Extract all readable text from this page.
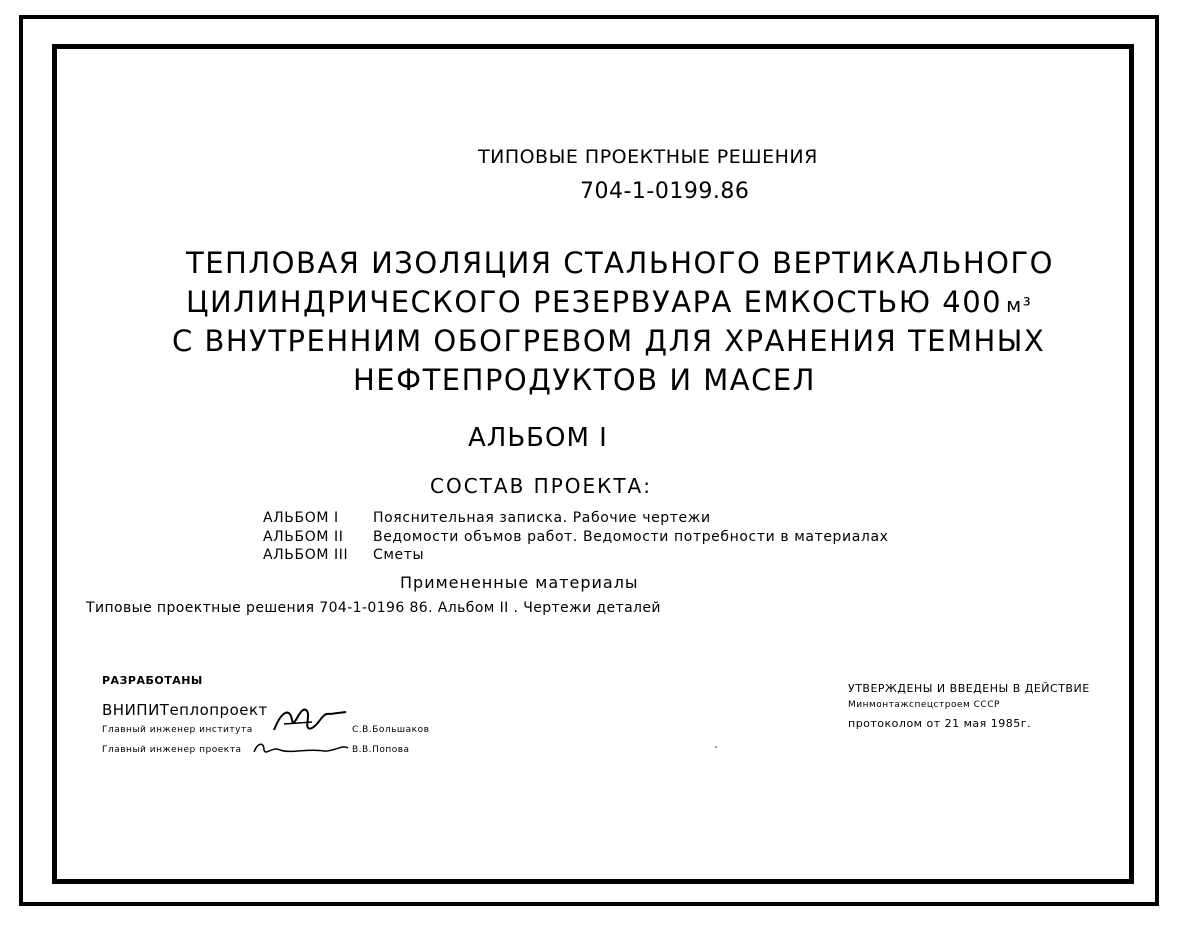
ТИПОВЫЕ ПРОЕКТНЫЕ РЕШЕНИЯ
704-1-0199.86
ТЕПЛОВАЯ ИЗОЛЯЦИЯ СТАЛЬНОГО ВЕРТИКАЛЬНОГО
ЦИЛИНДРИЧЕСКОГО РЕЗЕРВУАРА ЕМКОСТЬЮ 400 м³
С ВНУТРЕННИМ ОБОГРЕВОМ ДЛЯ ХРАНЕНИЯ ТЕМНЫХ
НЕФТЕПРОДУКТОВ И МАСЕЛ
АЛЬБОМ I
СОСТАВ ПРОЕКТА:
АЛЬБОМ I Пояснительная записка. Рабочие чертежи
АЛЬБОМ II Ведомости объмов работ. Ведомости потребности в материалах
АЛЬБОМ III Сметы
Примененные материалы
Типовые проектные решения 704-1-0196 86. Альбом II . Чертежи деталей
РАЗРАБОТАНЫ
ВНИПИТеплопроект
Главный инженер института	С.В.Большаков
Главный инженер проекта	В.В.Попова
УТВЕРЖДЕНЫ И ВВЕДЕНЫ В ДЕЙСТВИЕ
Минмонтажспецстроем СССР
протоколом от 21 мая 1985г.
